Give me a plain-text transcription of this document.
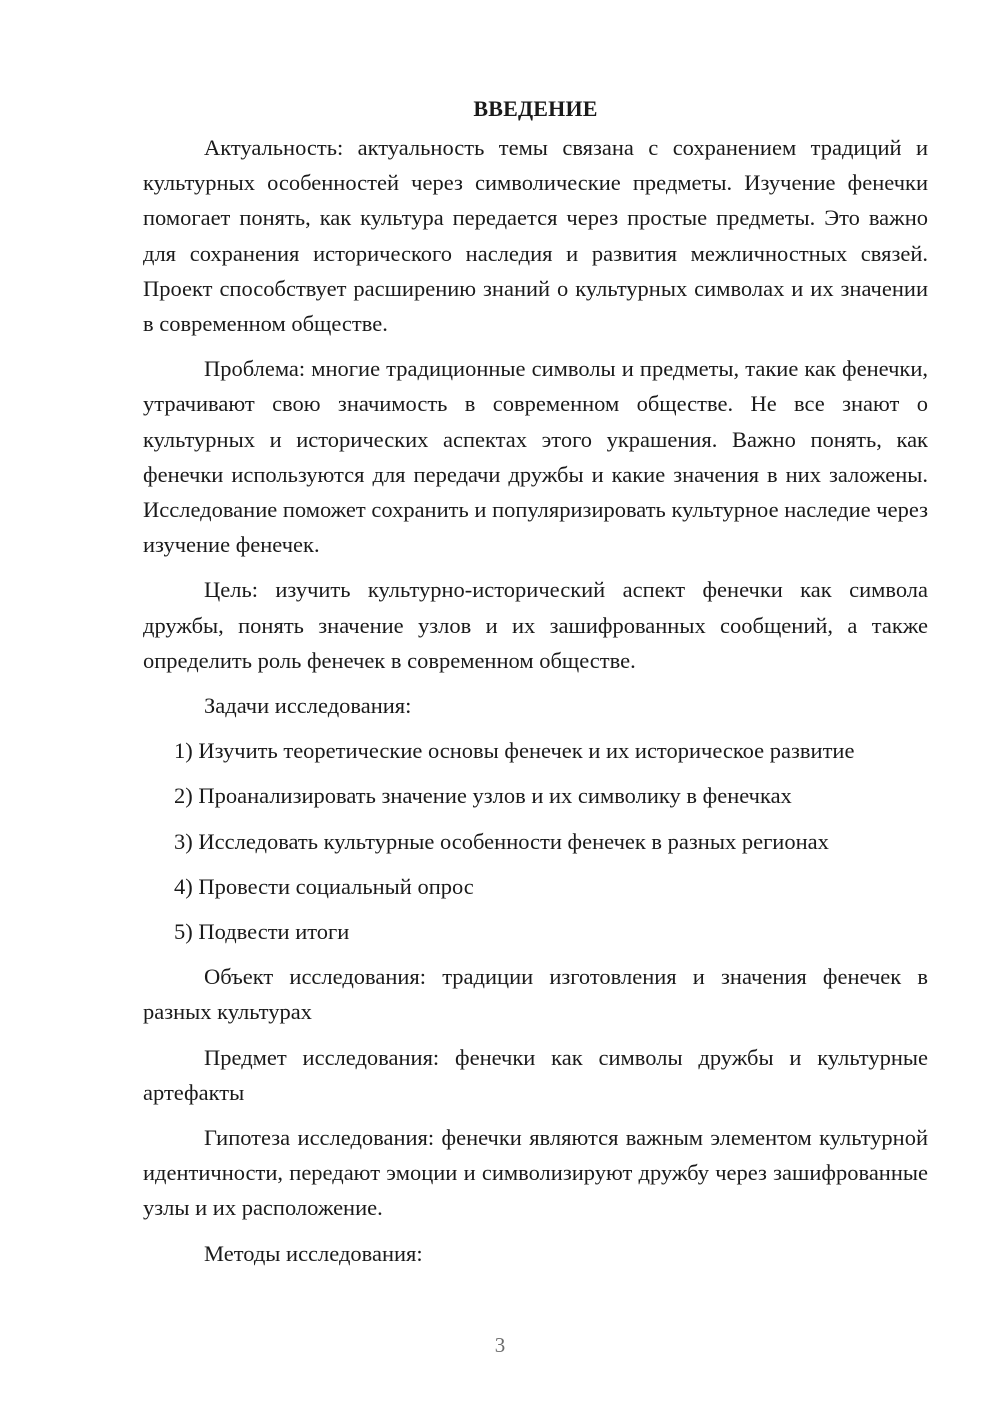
ВВЕДЕНИЕ

Актуальность: актуальность темы связана с сохранением традиций и культурных особенностей через символические предметы. Изучение фенечки помогает понять, как культура передается через простые предметы. Это важно для сохранения исторического наследия и развития межличностных связей. Проект способствует расширению знаний о культурных символах и их значении в современном обществе.

Проблема: многие традиционные символы и предметы, такие как фенечки, утрачивают свою значимость в современном обществе. Не все знают о культурных и исторических аспектах этого украшения. Важно понять, как фенечки используются для передачи дружбы и какие значения в них заложены. Исследование поможет сохранить и популяризировать культурное наследие через изучение фенечек.

Цель: изучить культурно-исторический аспект фенечки как символа дружбы, понять значение узлов и их зашифрованных сообщений, а также определить роль фенечек в современном обществе.

Задачи исследования:
1) Изучить теоретические основы фенечек и их историческое развитие
2) Проанализировать значение узлов и их символику в фенечках
3) Исследовать культурные особенности фенечек в разных регионах
4) Провести социальный опрос
5) Подвести итоги

Объект исследования: традиции изготовления и значения фенечек в разных культурах

Предмет исследования: фенечки как символы дружбы и культурные артефакты

Гипотеза исследования: фенечки являются важным элементом культурной идентичности, передают эмоции и символизируют дружбу через зашифрованные узлы и их расположение.

Методы исследования:
3
